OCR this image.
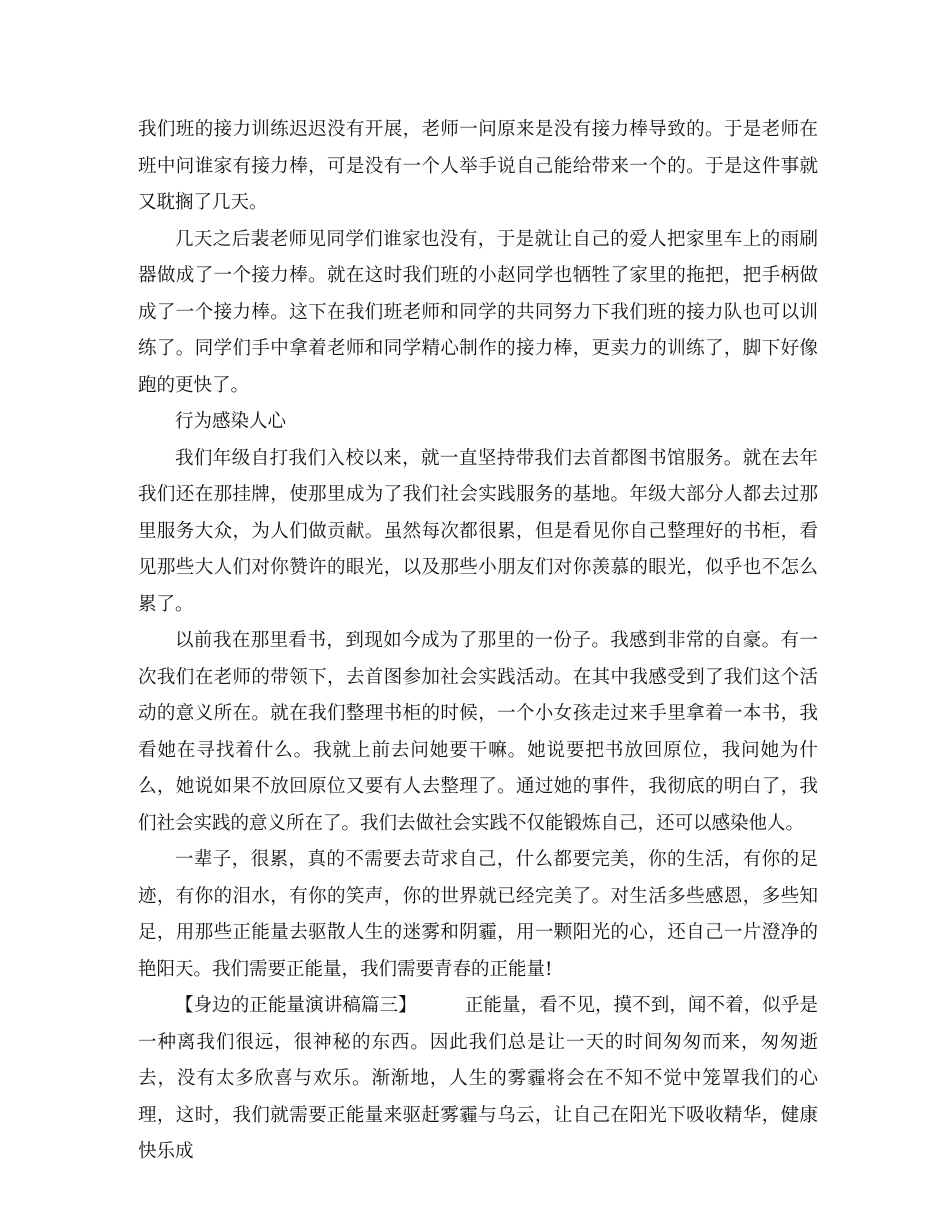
我们班的接力训练迟迟没有开展，老师一问原来是没有接力棒导致的。于是老师在班中问谁家有接力棒，可是没有一个人举手说自己能给带来一个的。于是这件事就又耽搁了几天。

几天之后裴老师见同学们谁家也没有，于是就让自己的爱人把家里车上的雨刷器做成了一个接力棒。就在这时我们班的小赵同学也牺牲了家里的拖把，把手柄做成了一个接力棒。这下在我们班老师和同学的共同努力下我们班的接力队也可以训练了。同学们手中拿着老师和同学精心制作的接力棒，更卖力的训练了，脚下好像跑的更快了。

行为感染人心

我们年级自打我们入校以来，就一直坚持带我们去首都图书馆服务。就在去年我们还在那挂牌，使那里成为了我们社会实践服务的基地。年级大部分人都去过那里服务大众，为人们做贡献。虽然每次都很累，但是看见你自己整理好的书柜，看见那些大人们对你赞许的眼光，以及那些小朋友们对你羡慕的眼光，似乎也不怎么累了。

以前我在那里看书，到现如今成为了那里的一份子。我感到非常的自豪。有一次我们在老师的带领下，去首图参加社会实践活动。在其中我感受到了我们这个活动的意义所在。就在我们整理书柜的时候，一个小女孩走过来手里拿着一本书，我看她在寻找着什么。我就上前去问她要干嘛。她说要把书放回原位，我问她为什么，她说如果不放回原位又要有人去整理了。通过她的事件，我彻底的明白了，我们社会实践的意义所在了。我们去做社会实践不仅能锻炼自己，还可以感染他人。

一辈子，很累，真的不需要去苛求自己，什么都要完美，你的生活，有你的足迹，有你的泪水，有你的笑声，你的世界就已经完美了。对生活多些感恩，多些知足，用那些正能量去驱散人生的迷雾和阴霾，用一颗阳光的心，还自己一片澄净的艳阳天。我们需要正能量，我们需要青春的正能量!

【身边的正能量演讲稿篇三】	正能量，看不见，摸不到，闻不着，似乎是一种离我们很远，很神秘的东西。因此我们总是让一天的时间匆匆而来，匆匆逝去，没有太多欣喜与欢乐。渐渐地，人生的雾霾将会在不知不觉中笼罩我们的心理，这时，我们就需要正能量来驱赶雾霾与乌云，让自己在阳光下吸收精华，健康快乐成
